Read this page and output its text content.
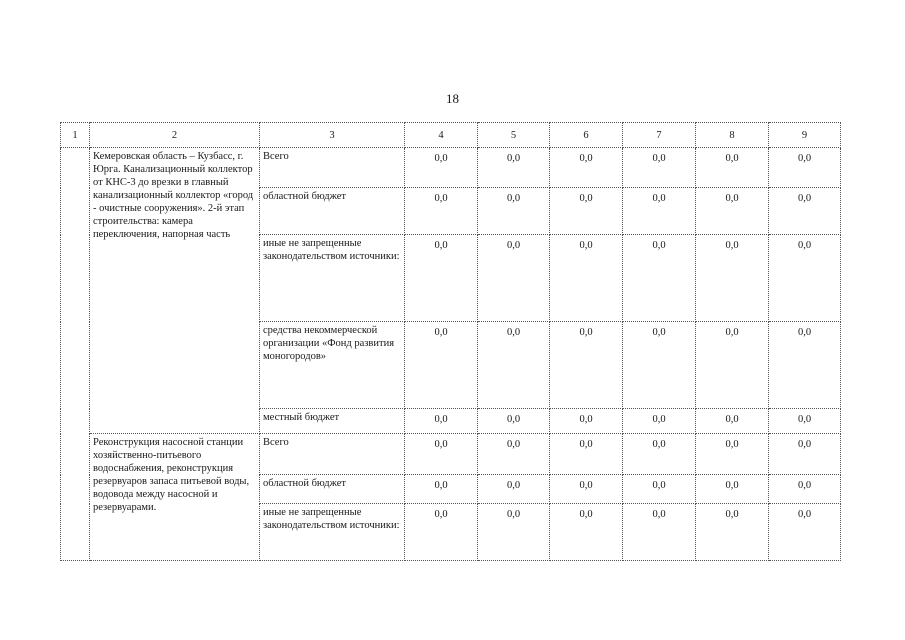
18
1	2	3	4	5	6	7	8	9
	Кемеровская область – Кузбасс, г. Юрга. Канализационный коллектор от КНС-3 до врезки в главный канализационный коллектор «город - очистные сооружения». 2-й этап строительства: камера переключения, напорная часть	Всего	0,0	0,0	0,0	0,0	0,0	0,0
		областной бюджет	0,0	0,0	0,0	0,0	0,0	0,0
		иные не запрещенные законодательством источники:	0,0	0,0	0,0	0,0	0,0	0,0
		средства некоммерческой организации «Фонд развития моногородов»	0,0	0,0	0,0	0,0	0,0	0,0
		местный бюджет	0,0	0,0	0,0	0,0	0,0	0,0
	Реконструкция насосной станции хозяйственно-питьевого водоснабжения, реконструкция резервуаров запаса питьевой воды, водовода между насосной и резервуарами.	Всего	0,0	0,0	0,0	0,0	0,0	0,0
		областной бюджет	0,0	0,0	0,0	0,0	0,0	0,0
		иные не запрещенные законодательством источники:	0,0	0,0	0,0	0,0	0,0	0,0
